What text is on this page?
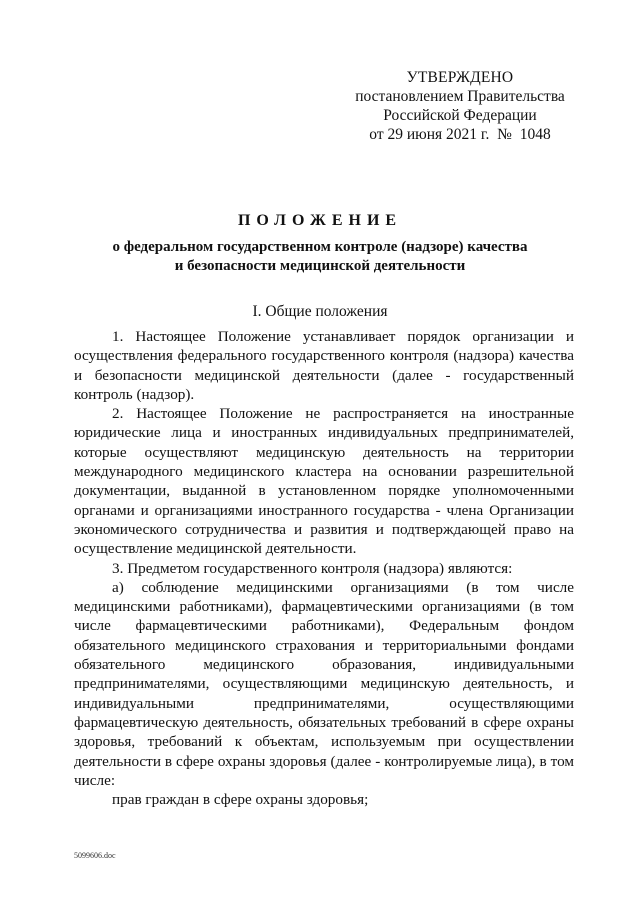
УТВЕРЖДЕНО
постановлением Правительства
Российской Федерации
от 29 июня 2021 г.  №  1048
ПОЛОЖЕНИЕ
о федеральном государственном контроле (надзоре) качества
и безопасности медицинской деятельности
I. Общие положения

1. Настоящее Положение устанавливает порядок организации и осуществления федерального государственного контроля (надзора) качества и безопасности медицинской деятельности (далее - государственный контроль (надзор).

2. Настоящее Положение не распространяется на иностранные юридические лица и иностранных индивидуальных предпринимателей, которые осуществляют медицинскую деятельность на территории международного медицинского кластера на основании разрешительной документации, выданной в установленном порядке уполномоченными органами и организациями иностранного государства - члена Организации экономического сотрудничества и развития и подтверждающей право на осуществление медицинской деятельности.

3. Предметом государственного контроля (надзора) являются:

а) соблюдение медицинскими организациями (в том числе медицинскими работниками), фармацевтическими организациями (в том числе фармацевтическими работниками), Федеральным фондом обязательного медицинского страхования и территориальными фондами обязательного медицинского образования, индивидуальными предпринимателями, осуществляющими медицинскую деятельность, и индивидуальными предпринимателями, осуществляющими фармацевтическую деятельность, обязательных требований в сфере охраны здоровья, требований к объектам, используемым при осуществлении деятельности в сфере охраны здоровья (далее - контролируемые лица), в том числе:

прав граждан в сфере охраны здоровья;

5099606.doc
